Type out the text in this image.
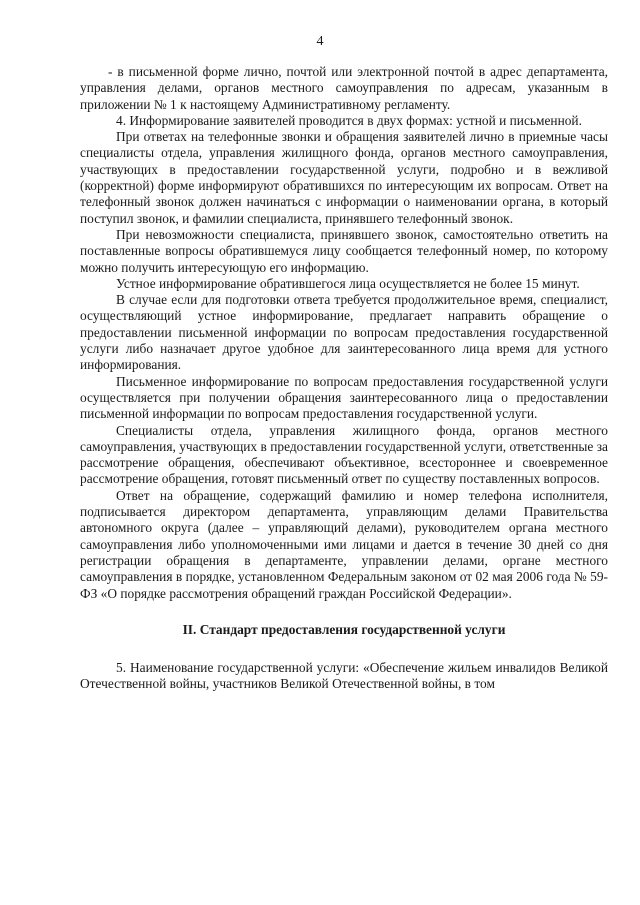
4

- в письменной форме лично, почтой или электронной почтой в адрес департамента, управления делами, органов местного самоуправления по адресам, указанным в приложении № 1 к настоящему Административному регламенту.

4. Информирование заявителей проводится в двух формах: устной и письменной.

При ответах на телефонные звонки и обращения заявителей лично в приемные часы специалисты отдела, управления жилищного фонда, органов местного самоуправления, участвующих в предоставлении государственной услуги, подробно и в вежливой (корректной) форме информируют обратившихся по интересующим их вопросам. Ответ на телефонный звонок должен начинаться с информации о наименовании органа, в который поступил звонок, и фамилии специалиста, принявшего телефонный звонок.

При невозможности специалиста, принявшего звонок, самостоятельно ответить на поставленные вопросы обратившемуся лицу сообщается телефонный номер, по которому можно получить интересующую его информацию.

Устное информирование обратившегося лица осуществляется не более 15 минут.

В случае если для подготовки ответа требуется продолжительное время, специалист, осуществляющий устное информирование, предлагает направить обращение о предоставлении письменной информации по вопросам предоставления государственной услуги либо назначает другое удобное для заинтересованного лица время для устного информирования.

Письменное информирование по вопросам предоставления государственной услуги осуществляется при получении обращения заинтересованного лица о предоставлении письменной информации по вопросам предоставления государственной услуги.

Специалисты отдела, управления жилищного фонда, органов местного самоуправления, участвующих в предоставлении государственной услуги, ответственные за рассмотрение обращения, обеспечивают объективное, всестороннее и своевременное рассмотрение обращения, готовят письменный ответ по существу поставленных вопросов.

Ответ на обращение, содержащий фамилию и номер телефона исполнителя, подписывается директором департамента, управляющим делами Правительства автономного округа (далее – управляющий делами), руководителем органа местного самоуправления либо уполномоченными ими лицами и дается в течение 30 дней со дня регистрации обращения в департаменте, управлении делами, органе местного самоуправления в порядке, установленном Федеральным законом от 02 мая 2006 года № 59-ФЗ «О порядке рассмотрения обращений граждан Российской Федерации».

II. Стандарт предоставления государственной услуги

5. Наименование государственной услуги: «Обеспечение жильем инвалидов Великой Отечественной войны, участников Великой Отечественной войны, в том
